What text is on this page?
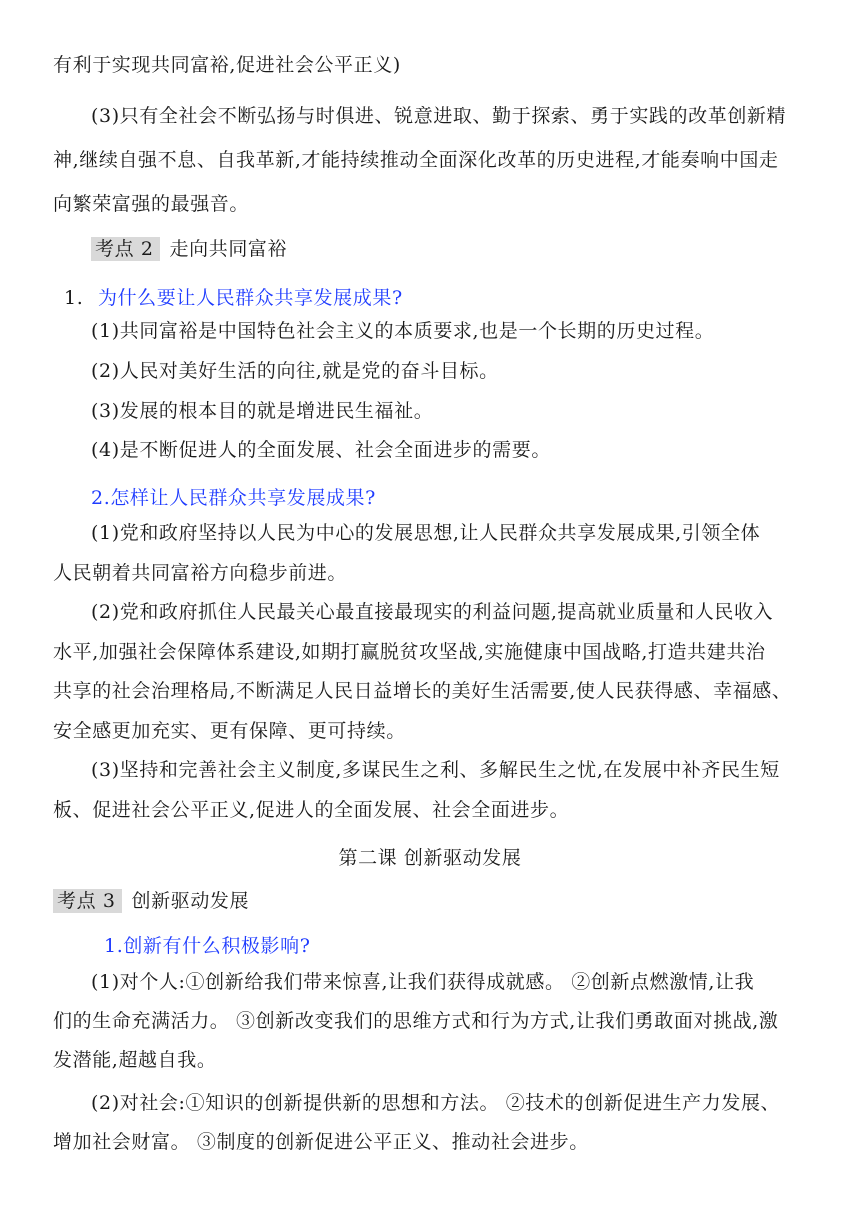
有利于实现共同富裕,促进社会公平正义)
(3)只有全社会不断弘扬与时俱进、锐意进取、勤于探索、勇于实践的改革创新精
神,继续自强不息、自我革新,才能持续推动全面深化改革的历史进程,才能奏响中国走
向繁荣富强的最强音。
考点 2 走向共同富裕
1. 为什么要让人民群众共享发展成果?
(1)共同富裕是中国特色社会主义的本质要求,也是一个长期的历史过程。
(2)人民对美好生活的向往,就是党的奋斗目标。
(3)发展的根本目的就是增进民生福祉。
(4)是不断促进人的全面发展、社会全面进步的需要。
2.怎样让人民群众共享发展成果?
(1)党和政府坚持以人民为中心的发展思想,让人民群众共享发展成果,引领全体
人民朝着共同富裕方向稳步前进。
(2)党和政府抓住人民最关心最直接最现实的利益问题,提高就业质量和人民收入
水平,加强社会保障体系建设,如期打赢脱贫攻坚战,实施健康中国战略,打造共建共治
共享的社会治理格局,不断满足人民日益增长的美好生活需要,使人民获得感、幸福感、
安全感更加充实、更有保障、更可持续。
(3)坚持和完善社会主义制度,多谋民生之利、多解民生之忧,在发展中补齐民生短
板、促进社会公平正义,促进人的全面发展、社会全面进步。
第二课 创新驱动发展
考点 3 创新驱动发展
1.创新有什么积极影响?
(1)对个人:①创新给我们带来惊喜,让我们获得成就感。 ②创新点燃激情,让我
们的生命充满活力。 ③创新改变我们的思维方式和行为方式,让我们勇敢面对挑战,激
发潜能,超越自我。
(2)对社会:①知识的创新提供新的思想和方法。 ②技术的创新促进生产力发展、
增加社会财富。 ③制度的创新促进公平正义、推动社会进步。
